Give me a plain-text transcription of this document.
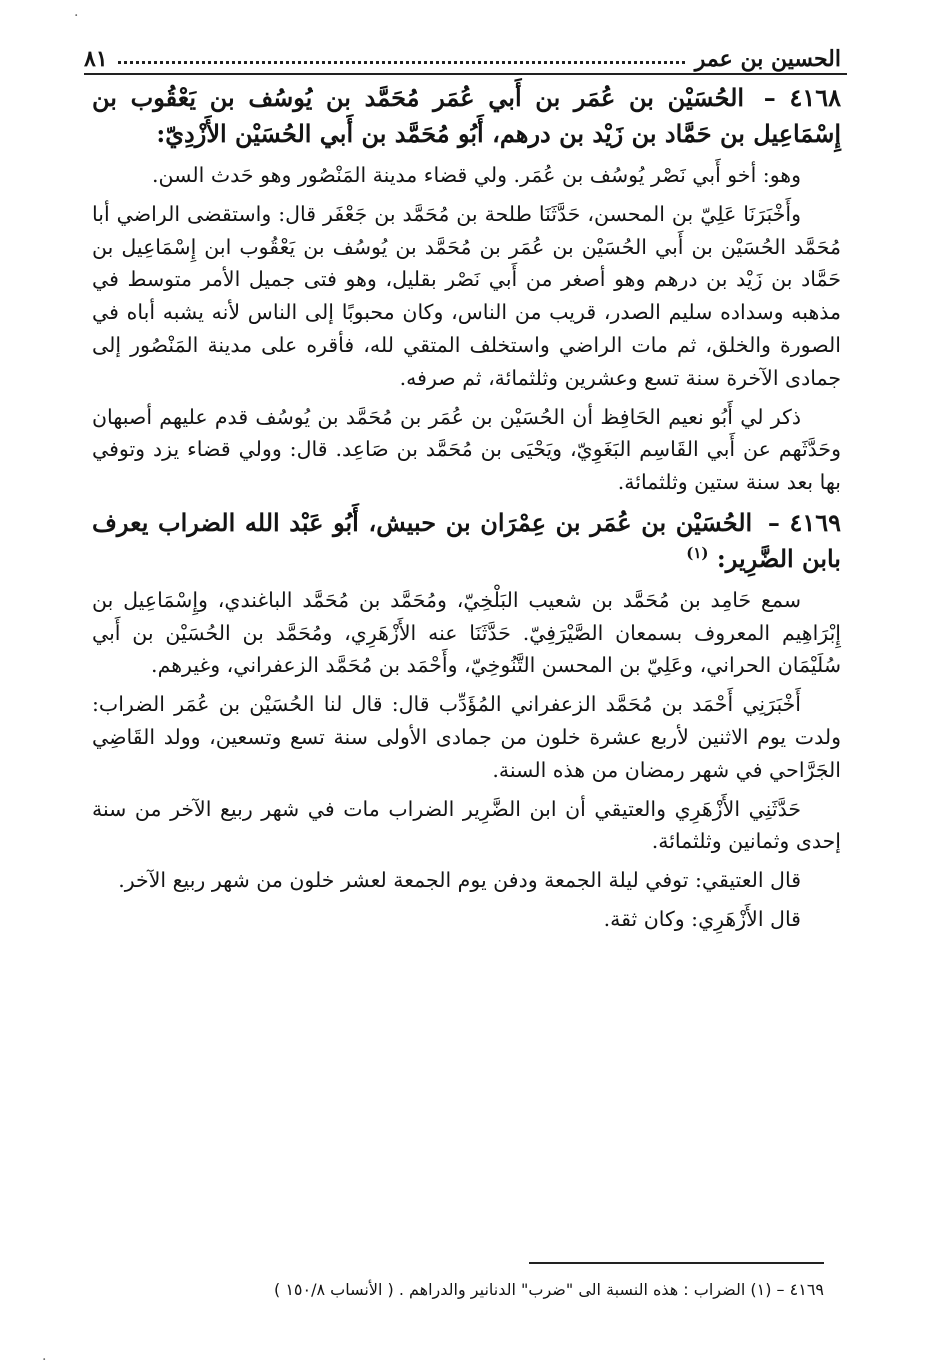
الحسين بن عمر
٨١
٤١٦٨ – الحُسَيْن بن عُمَر بن أَبي عُمَر مُحَمَّد بن يُوسُف بن يَعْقُوب بن إِسْمَاعِيل بن حَمَّاد بن زَيْد بن درهم، أَبُو مُحَمَّد بن أَبي الحُسَيْن الأَزْدِيّ:

وهو: أخو أَبي نَصْر يُوسُف بن عُمَر. ولي قضاء مدينة المَنْصُور وهو حَدث السن.

وأَخْبَرَنَا عَلِيّ بن المحسن، حَدَّثَنَا طلحة بن مُحَمَّد بن جَعْفَر قال: واستقضى الراضي أبا مُحَمَّد الحُسَيْن بن أَبي الحُسَيْن بن عُمَر بن مُحَمَّد بن يُوسُف بن يَعْقُوب ابن إِسْمَاعِيل بن حَمَّاد بن زَيْد بن درهم وهو أصغر من أَبي نَصْر بقليل، وهو فتى جميل الأمر متوسط في مذهبه وسداده سليم الصدر، قريب من الناس، وكان محبوبًا إلى الناس لأنه يشبه أباه في الصورة والخلق، ثم مات الراضي واستخلف المتقي لله، فأقره على مدينة المَنْصُور إلى جمادى الآخرة سنة تسع وعشرين وثلثمائة، ثم صرفه.

ذكر لي أَبُو نعيم الحَافِظ أن الحُسَيْن بن عُمَر بن مُحَمَّد بن يُوسُف قدم عليهم أصبهان وحَدَّثَهم عن أَبي القَاسِم البَغَوِيّ، ويَحْيَى بن مُحَمَّد بن صَاعِد. قال: وولي قضاء يزد وتوفي بها بعد سنة ستين وثلثمائة.

٤١٦٩ – الحُسَيْن بن عُمَر بن عِمْرَان بن حبيش، أَبُو عَبْد الله الضراب يعرف بابن الضَّرِير: $^{(١)}$

سمع حَامِد بن مُحَمَّد بن شعيب البَلْخِيّ، ومُحَمَّد بن مُحَمَّد الباغندي، وإِسْمَاعِيل بن إِبْرَاهِيم المعروف بسمعان الصَّيْرَفِيّ. حَدَّثَنَا عنه الأَزْهَرِي، ومُحَمَّد بن الحُسَيْن بن أَبي سُلَيْمَان الحراني، وعَلِيّ بن المحسن التَّنُوخِيّ، وأَحْمَد بن مُحَمَّد الزعفراني، وغيرهم.

أَخْبَرَنِي أَحْمَد بن مُحَمَّد الزعفراني المُؤَدِّب قال: قال لنا الحُسَيْن بن عُمَر الضراب: ولدت يوم الاثنين لأربع عشرة خلون من جمادى الأولى سنة تسع وتسعين، وولد القَاضِي الجَرَّاحي في شهر رمضان من هذه السنة.

حَدَّثَنِي الأَزْهَرِي والعتيقي أن ابن الضَّرِير الضراب مات في شهر ربيع الآخر من سنة إحدى وثمانين وثلثمائة.

قال العتيقي: توفي ليلة الجمعة ودفن يوم الجمعة لعشر خلون من شهر ربيع الآخر.

قال الأَزْهَرِي: وكان ثقة.

٤١٦٩ – (١) الضراب : هذه النسبة الى "ضرب" الدنانير والدراهم . ( الأنساب ١٥٠/٨ )
·
·
